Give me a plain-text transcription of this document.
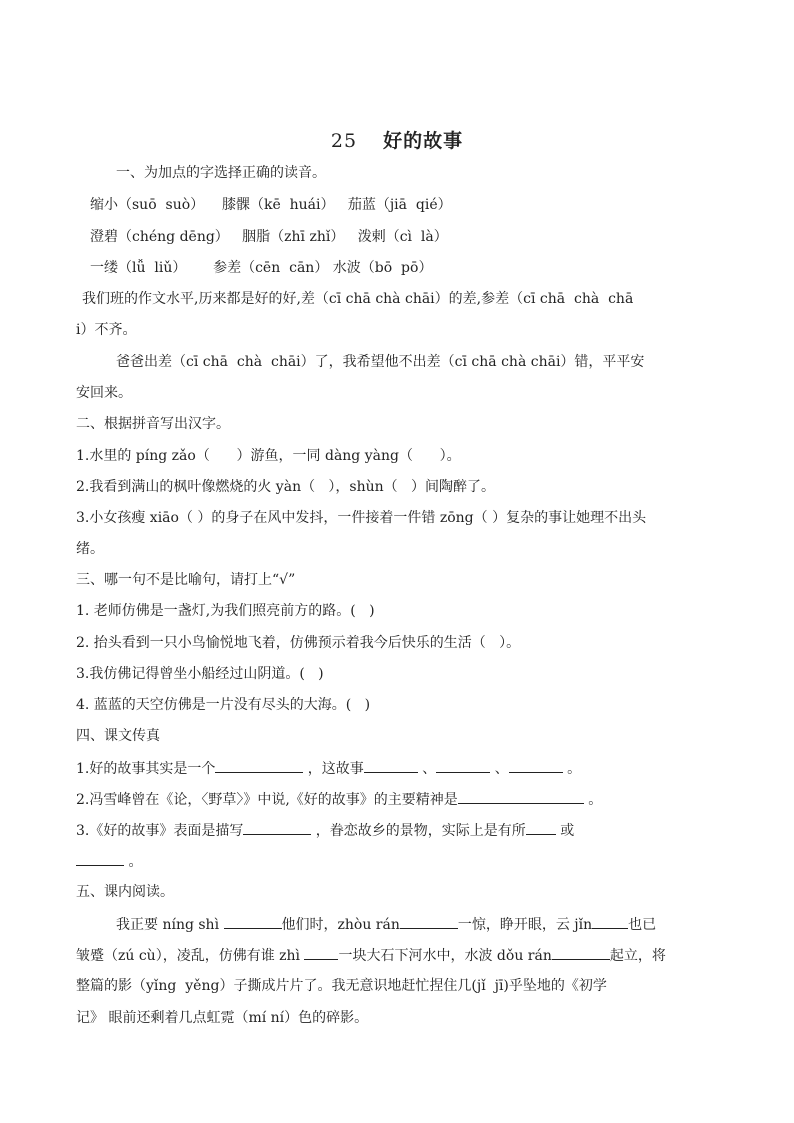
25 好的故事

一、为加点的字选择正确的读音。

缩小（suō  suò）    膝髁（kē  huái）   茄蓝（jiā  qié）

澄碧（chéng dēng）   胭脂（zhī zhǐ）   泼剌（cì  là）

一缕（lǚ  liǔ）      参差（cēn  cān） 水波（bō  pō）

我们班的作文水平,历来都是好的好,差（cī chā chà chāi）的差,参差（cī chā  chà  chā

i）不齐。

爸爸出差（cī chā  chà  chāi）了，我希望他不出差（cī chā chà chāi）错，平平安

安回来。

二、根据拼音写出汉字。

1.水里的 píng zǎo（      ）游鱼，一同 dàng yàng（      ）。

2.我看到满山的枫叶像燃烧的火 yàn（   ），shùn（   ）间陶醉了。

3.小女孩瘦 xiāo（ ）的身子在风中发抖，一件接着一件错 zōng（ ）复杂的事让她理不出头

绪。

三、哪一句不是比喻句，请打上“√”

1. 老师仿佛是一盏灯,为我们照亮前方的路。(   )

2. 抬头看到一只小鸟愉悦地飞着，仿佛预示着我今后快乐的生活（   ）。

3.我仿佛记得曾坐小船经过山阴道。(   )

4. 蓝蓝的天空仿佛是一片没有尽头的大海。(   )

四、课文传真

1.好的故事其实是一个	，这故事	、	、	。

2.冯雪峰曾在《论，〈野草〉》中说,《好的故事》的主要精神是	。

3.《好的故事》表面是描写	，眷恋故乡的景物，实际上是有所 或

。

五、课内阅读。

我正要 níng shì	他们时，zhòu rán	一惊，睁开眼，云 jǐn	也已

皱蹙（zú cù），凌乱，仿佛有谁 zhì 一块大石下河水中，水波 dǒu rán	起立，将

整篇的影（yǐng  yěng）子撕成片片了。我无意识地赶忙捏住几(jǐ  jī)乎坠地的《初学

记》 眼前还剩着几点虹霓（mí ní）色的碎影。
